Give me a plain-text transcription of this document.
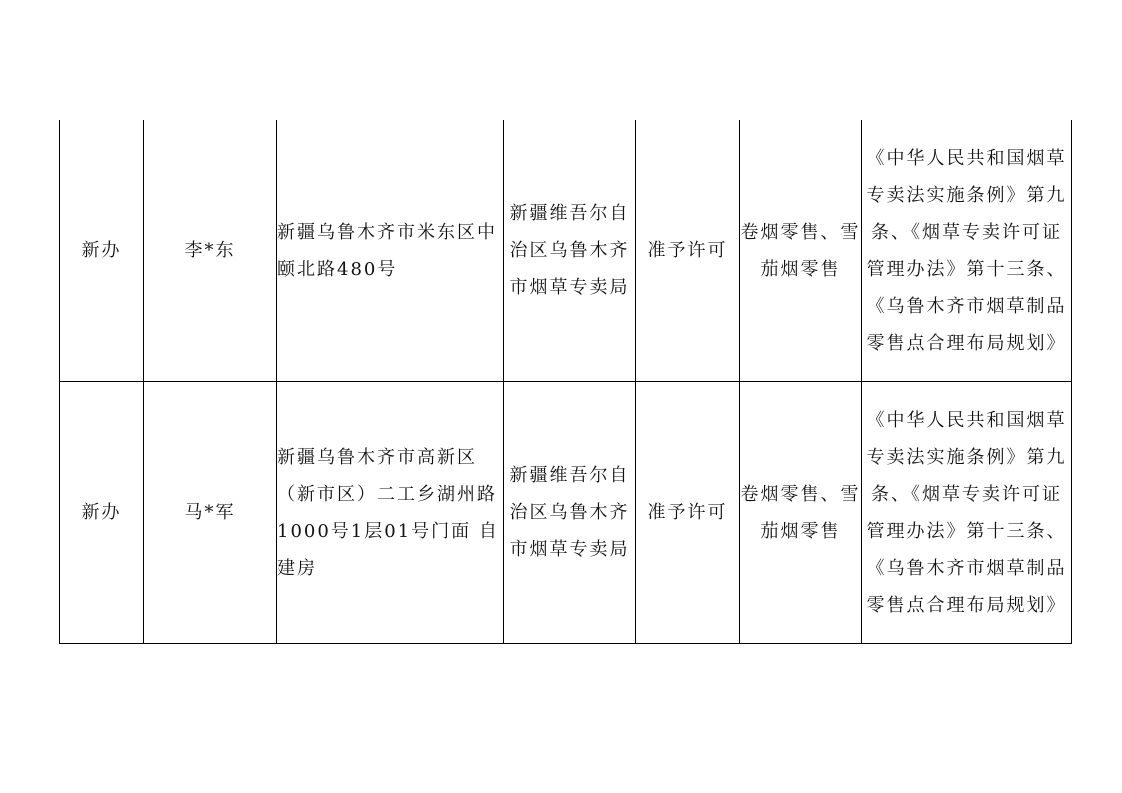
新办	李*东	新疆乌鲁木齐市米东区中颐北路480号	新疆维吾尔自治区乌鲁木齐市烟草专卖局	准予许可	卷烟零售、雪茄烟零售	《中华人民共和国烟草专卖法实施条例》第九条、《烟草专卖许可证管理办法》第十三条、《乌鲁木齐市烟草制品零售点合理布局规划》
新办	马*军	新疆乌鲁木齐市高新区（新市区）二工乡湖州路1000号1层01号门面 自建房	新疆维吾尔自治区乌鲁木齐市烟草专卖局	准予许可	卷烟零售、雪茄烟零售	《中华人民共和国烟草专卖法实施条例》第九条、《烟草专卖许可证管理办法》第十三条、《乌鲁木齐市烟草制品零售点合理布局规划》
